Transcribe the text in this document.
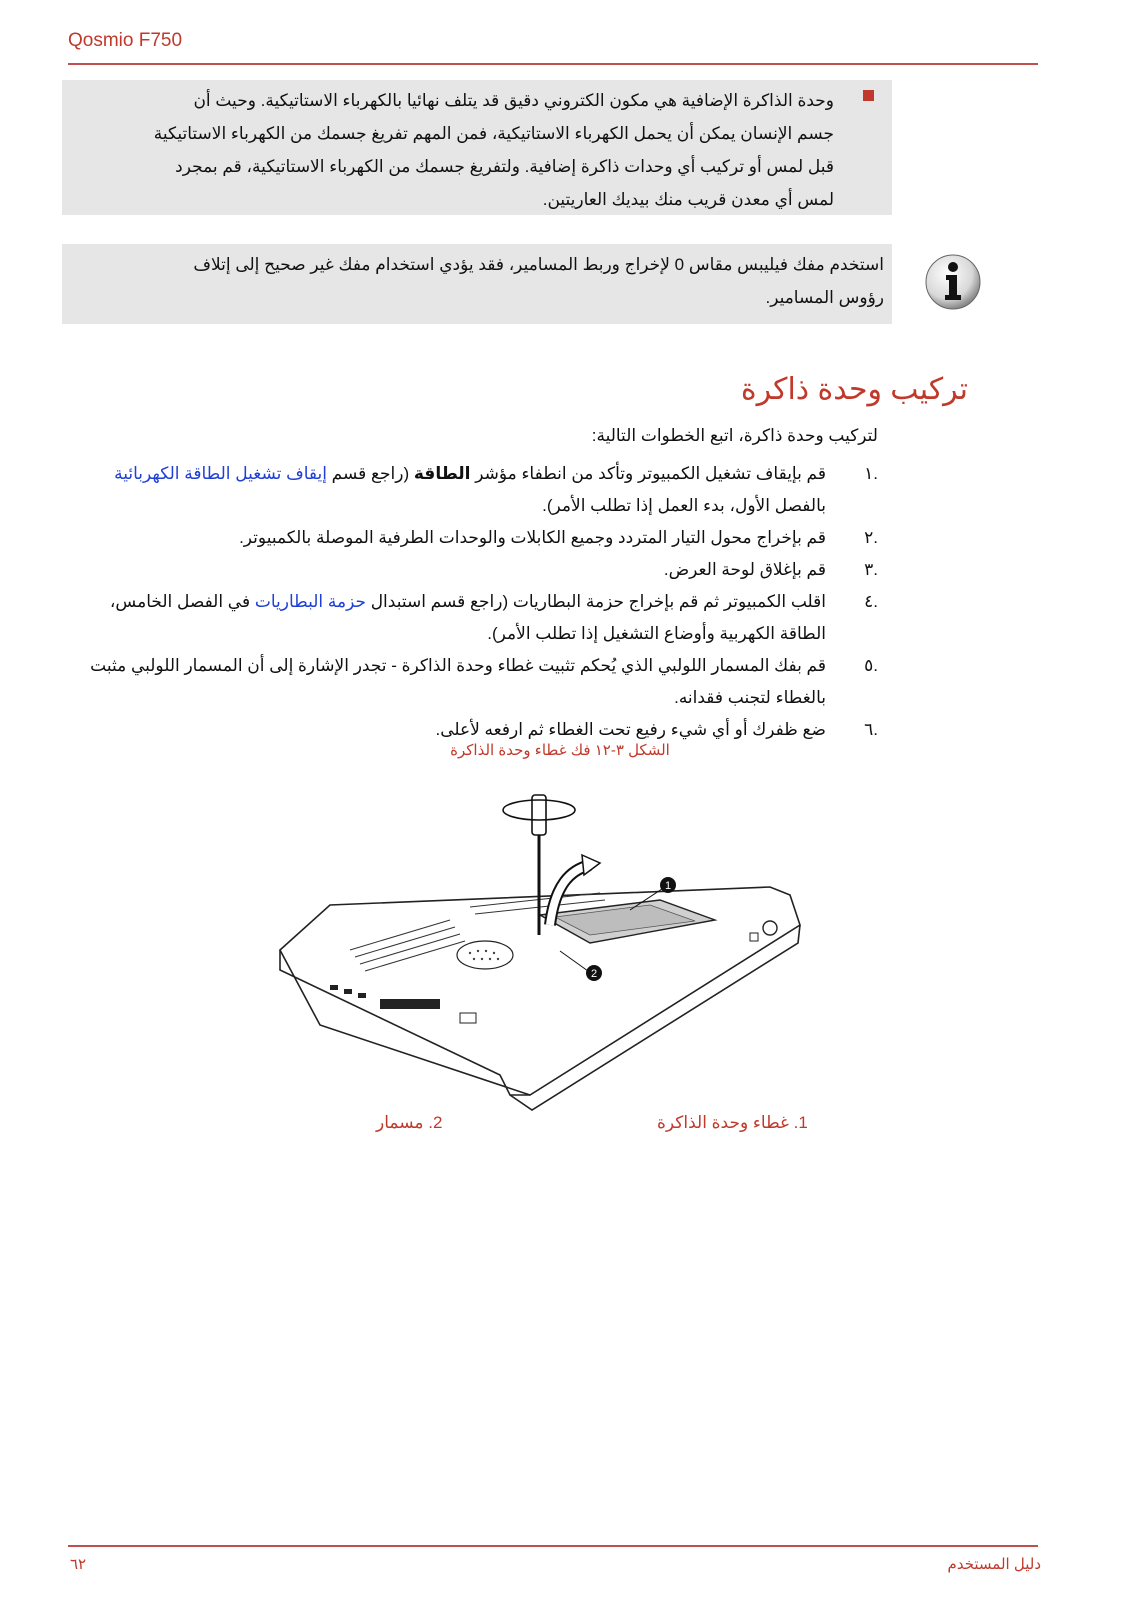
Qosmio F750
وحدة الذاكرة الإضافية هي مكون الكتروني دقيق قد يتلف نهائيا بالكهرباء الاستاتيكية. وحيث أن
جسم الإنسان يمكن أن يحمل الكهرباء الاستاتيكية، فمن المهم تفريغ جسمك من الكهرباء الاستاتيكية
قبل لمس أو تركيب أي وحدات ذاكرة إضافية. ولتفريغ جسمك من الكهرباء الاستاتيكية، قم بمجرد
لمس أي معدن قريب منك بيديك العاريتين.
استخدم مفك فيليبس مقاس 0 لإخراج وربط المسامير، فقد يؤدي استخدام مفك غير صحيح إلى إتلاف
رؤوس المسامير.
تركيب وحدة ذاكرة
لتركيب وحدة ذاكرة، اتبع الخطوات التالية:
.١
قم بإيقاف تشغيل الكمبيوتر وتأكد من انطفاء مؤشر الطاقة (راجع قسم إيقاف تشغيل الطاقة الكهربائية بالفصل الأول، بدء العمل إذا تطلب الأمر).
.٢
قم بإخراج محول التيار المتردد وجميع الكابلات والوحدات الطرفية الموصلة بالكمبيوتر.
.٣
قم بإغلاق لوحة العرض.
.٤
اقلب الكمبيوتر ثم قم بإخراج حزمة البطاريات (راجع قسم استبدال حزمة البطاريات في الفصل الخامس، الطاقة الكهربية وأوضاع التشغيل إذا تطلب الأمر).
.٥
قم بفك المسمار اللولبي الذي يُحكم تثبيت غطاء وحدة الذاكرة - تجدر الإشارة إلى أن المسمار اللولبي مثبت بالغطاء لتجنب فقدانه.
.٦
ضع ظفرك أو أي شيء رفيع تحت الغطاء ثم ارفعه لأعلى.
الشكل ٣-١٢ فك غطاء وحدة الذاكرة
1
2
1. غطاء وحدة الذاكرة
2. مسمار
٦٢	دليل المستخدم
